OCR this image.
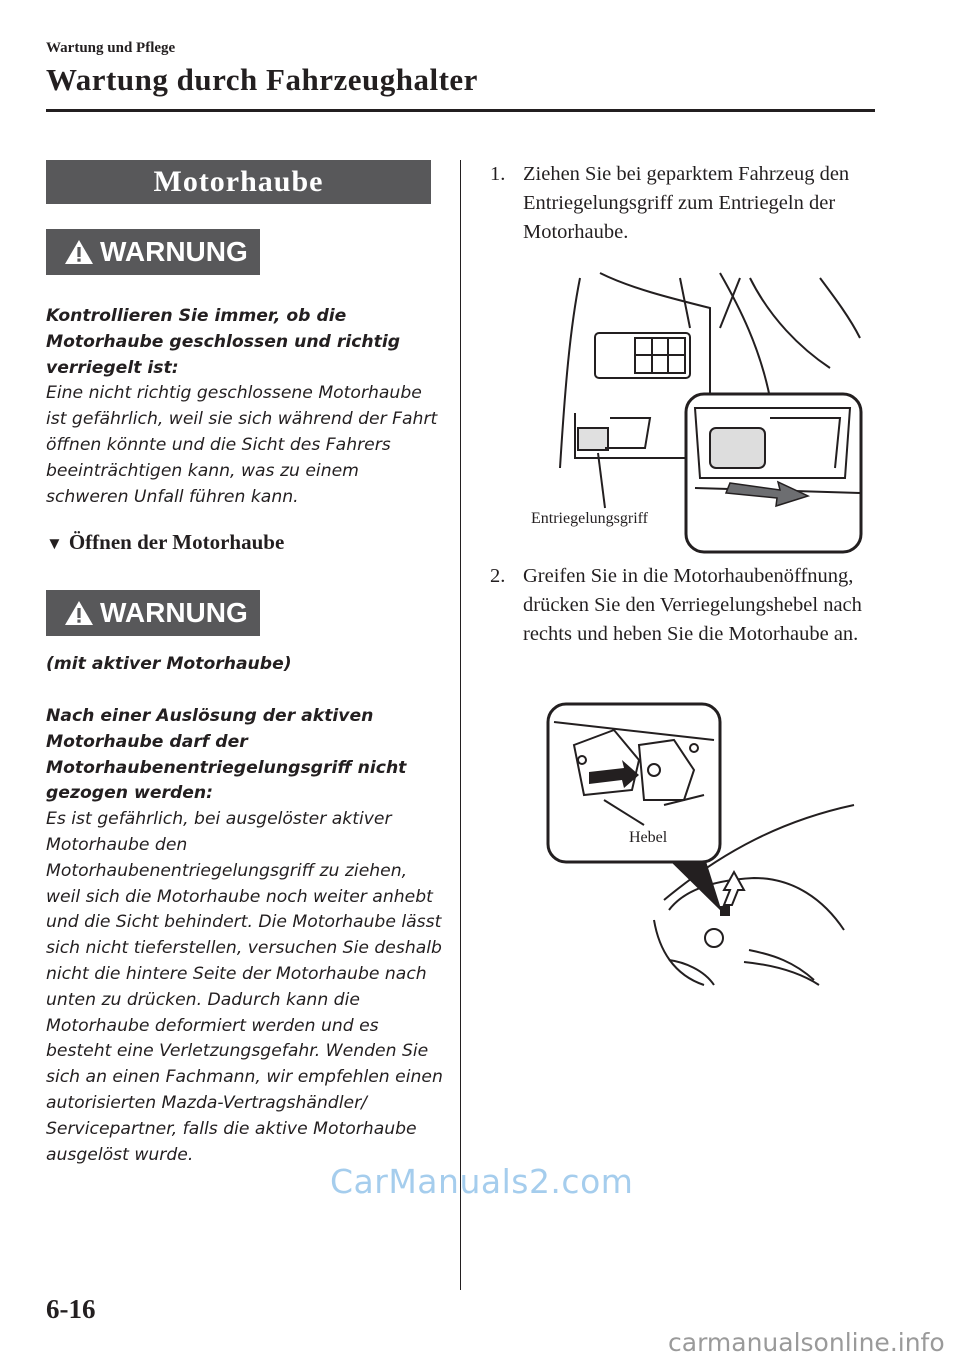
Wartung und Pflege
Wartung durch Fahrzeughalter
Motorhaube
WARNUNG
Kontrollieren Sie immer, ob die Motorhaube geschlossen und richtig verriegelt ist:
Eine nicht richtig geschlossene Motorhaube ist gefährlich, weil sie sich während der Fahrt öffnen könnte und die Sicht des Fahrers beeinträchtigen kann, was zu einem schweren Unfall führen kann.
▼ Öffnen der Motorhaube
WARNUNG
(mit aktiver Motorhaube)
Nach einer Auslösung der aktiven Motorhaube darf der Motorhaubenentriegelungsgriff nicht gezogen werden:
Es ist gefährlich, bei ausgelöster aktiver Motorhaube den Motorhaubenentriegelungsgriff zu ziehen, weil sich die Motorhaube noch weiter anhebt und die Sicht behindert. Die Motorhaube lässt sich nicht tieferstellen, versuchen Sie deshalb nicht die hintere Seite der Motorhaube nach unten zu drücken. Dadurch kann die Motorhaube deformiert werden und es besteht eine Verletzungsgefahr. Wenden Sie sich an einen Fachmann, wir empfehlen einen autorisierten Mazda-Vertragshändler/ Servicepartner, falls die aktive Motorhaube ausgelöst wurde.
1. Ziehen Sie bei geparktem Fahrzeug den Entriegelungsgriff zum Entriegeln der Motorhaube.
Entriegelungsgriff
2. Greifen Sie in die Motorhaubenöffnung, drücken Sie den Verriegelungshebel nach rechts und heben Sie die Motorhaube an.
Hebel
CarManuals2.com
6-16
carmanualsonline.info
